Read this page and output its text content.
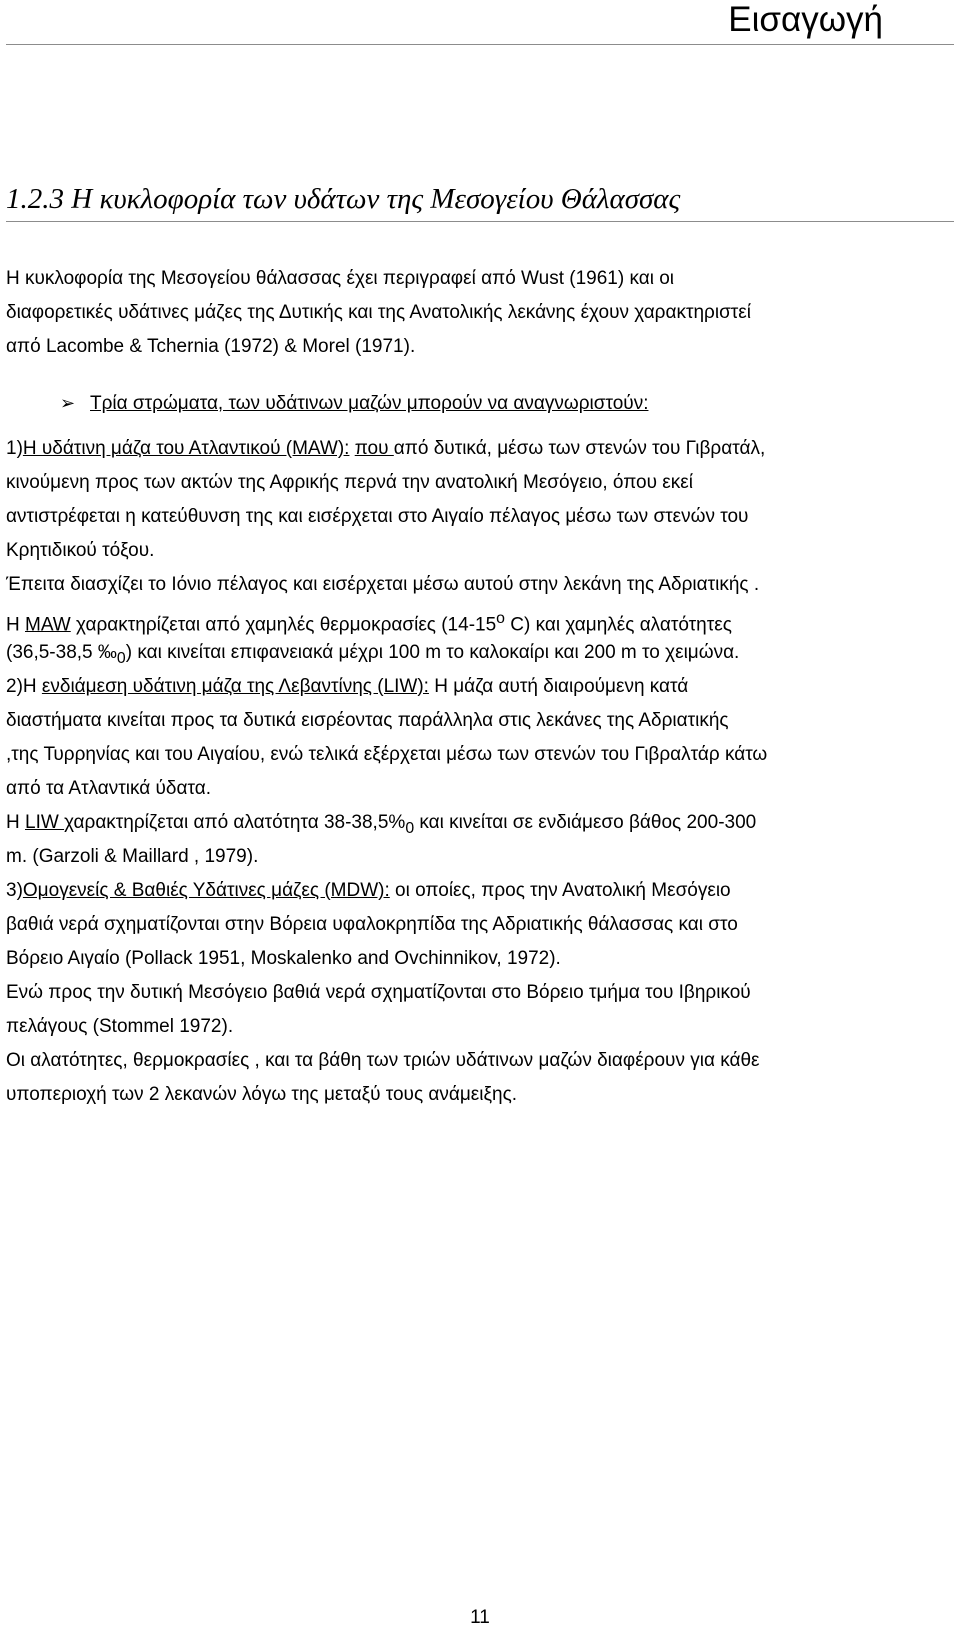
Εισαγωγή
1.2.3 Η κυκλοφορία των υδάτων της Μεσογείου Θάλασσας
Η κυκλοφορία της Μεσογείου θάλασσας έχει περιγραφεί από Wust (1961) και οι
διαφορετικές υδάτινες μάζες της Δυτικής και της Ανατολικής λεκάνης έχουν χαρακτηριστεί
από Lacombe & Tchernia (1972) & Morel (1971).
➢ Τρία στρώματα, των υδάτινων μαζών μπορούν να αναγνωριστούν:
1)Η υδάτινη μάζα του Ατλαντικού (MAW): που από δυτικά, μέσω των στενών του Γιβρατάλ,
κινούμενη προς των ακτών της Αφρικής περνά την ανατολική Μεσόγειο, όπου εκεί
αντιστρέφεται η κατεύθυνση της και εισέρχεται στο Αιγαίο πέλαγος μέσω των στενών του
Κρητιδικού τόξου.
Έπειτα διασχίζει το Ιόνιο πέλαγος και εισέρχεται μέσω αυτού στην λεκάνη της Αδριατικής .
Η MAW χαρακτηρίζεται από χαμηλές θερμοκρασίες ($14-15^o$ C) και χαμηλές αλατότητες
(36,5-38,5 $‰_0$) και κινείται επιφανειακά μέχρι 100 m το καλοκαίρι και 200 m το χειμώνα.
2)Η ενδιάμεση υδάτινη μάζα της Λεβαντίνης (LIW): Η μάζα αυτή διαιρούμενη κατά
διαστήματα κινείται προς τα δυτικά εισρέοντας παράλληλα στις λεκάνες της Αδριατικής
,της Τυρρηνίας και του Αιγαίου, ενώ τελικά εξέρχεται μέσω των στενών του Γιβραλτάρ κάτω
από τα Ατλαντικά ύδατα.
Η LIW χαρακτηρίζεται από αλατότητα $38-38,5\%_0$ και κινείται σε ενδιάμεσο βάθος 200-300
m. (Garzoli & Maillard , 1979).
3)Ομογενείς & Βαθιές Υδάτινες μάζες (MDW): οι οποίες, προς την Ανατολική Μεσόγειο
βαθιά νερά σχηματίζονται στην Βόρεια υφαλοκρηπίδα της Αδριατικής θάλασσας και στο
Βόρειο Αιγαίο (Pollack 1951, Moskalenko and Ovchinnikov, 1972).
Ενώ προς την δυτική Μεσόγειο βαθιά νερά σχηματίζονται στο Βόρειο τμήμα του Ιβηρικού
πελάγους (Stommel 1972).
Οι αλατότητες, θερμοκρασίες , και τα βάθη των τριών υδάτινων μαζών διαφέρουν για κάθε
υποπεριοχή των 2 λεκανών λόγω της μεταξύ τους ανάμειξης.
11
